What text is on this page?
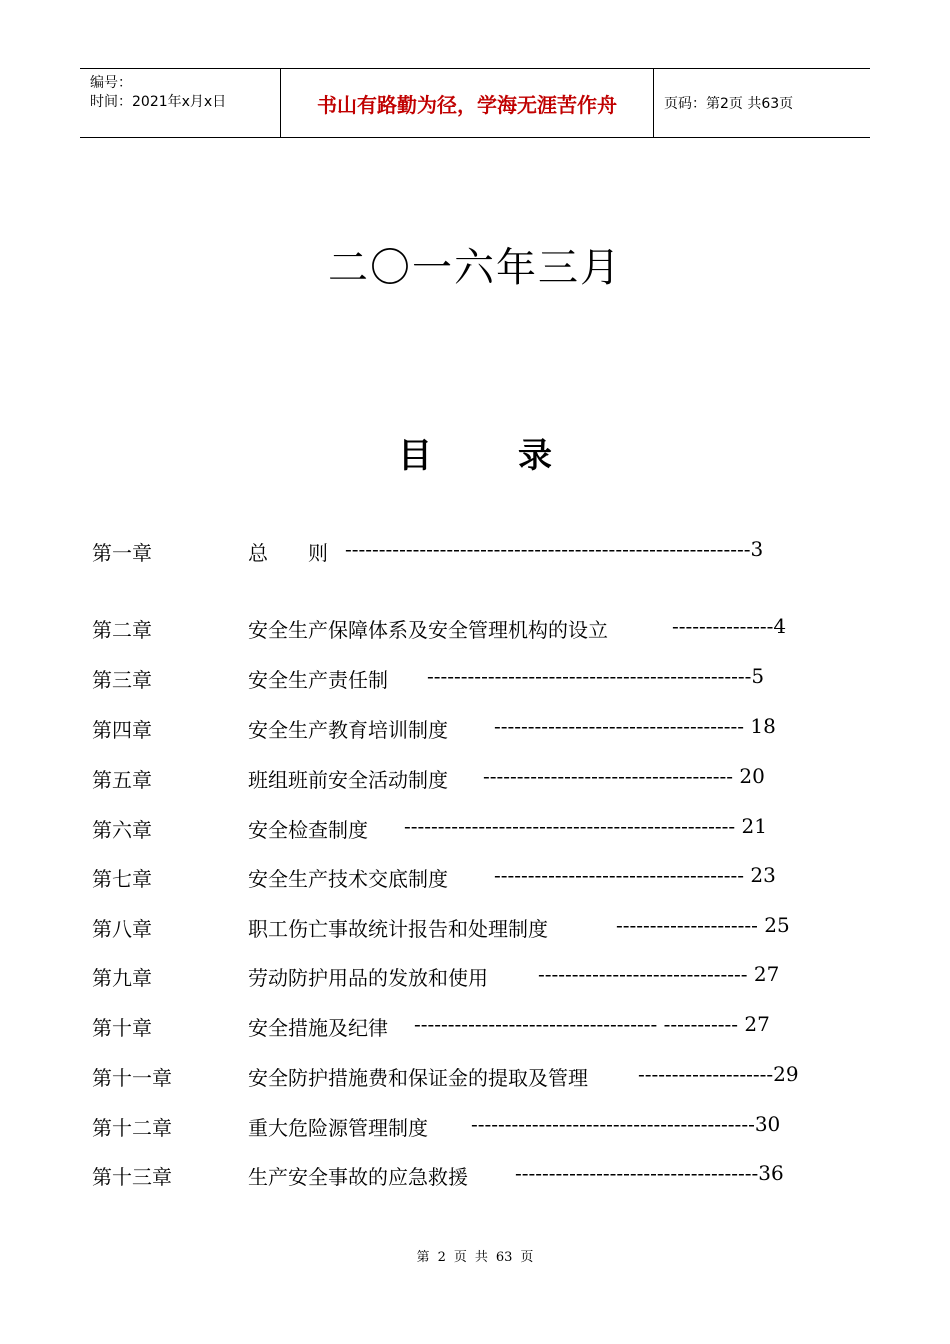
编号：
时间：2021年x月x日	书山有路勤为径，学海无涯苦作舟	页码：第2页 共63页
二〇一六年三月
目	录
第一章	总　　则 ------------------------------------------------------------3
第二章	安全生产保障体系及安全管理机构的设立	---------------4
第三章	安全生产责任制 ------------------------------------------------5
第四章	安全生产教育培训制度 ------------------------------------- 18
第五章	班组班前安全活动制度 ------------------------------------- 20
第六章	安全检查制度 ------------------------------------------------- 21
第七章	安全生产技术交底制度 ------------------------------------- 23
第八章	职工伤亡事故统计报告和处理制度	--------------------- 25
第九章	劳动防护用品的发放和使用	------------------------------- 27
第十章	安全措施及纪律 ------------------------------------ ----------- 27
第十一章	安全防护措施费和保证金的提取及管理	--------------------29
第十二章	重大危险源管理制度 ------------------------------------------30
第十三章	生产安全事故的应急救援 ------------------------------------36
第 2 页 共 63 页
